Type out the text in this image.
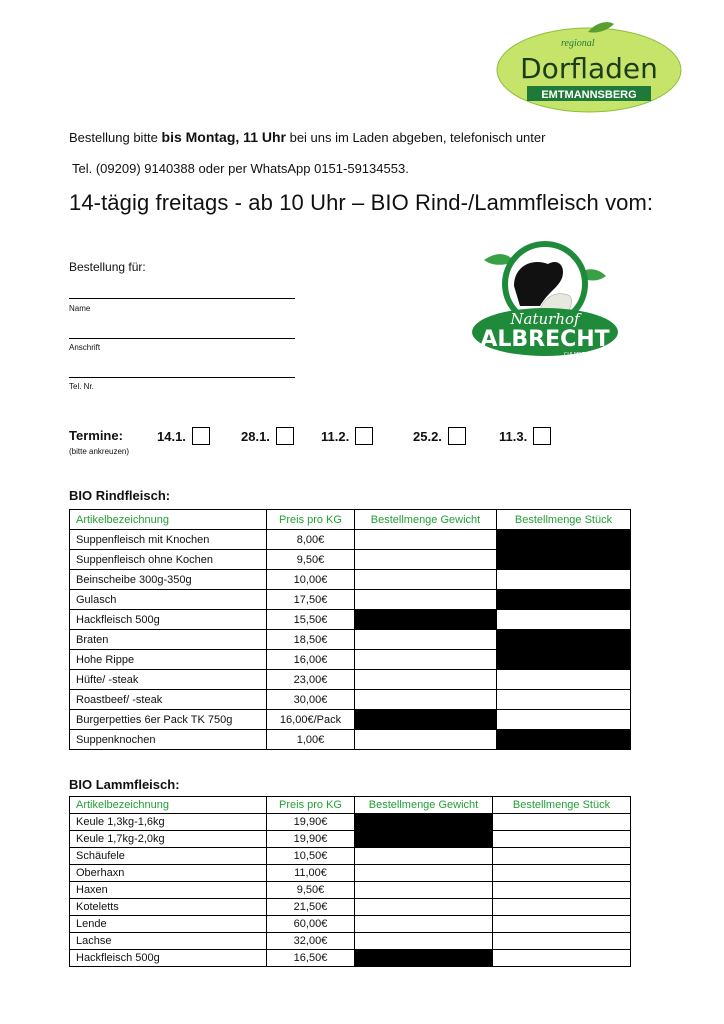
regional
Dorfladen
EMTMANNSBERG
Bestellung bitte bis Montag, 11 Uhr bei uns im Laden abgeben, telefonisch unter
Tel. (09209) 9140388 oder per WhatsApp 0151-59134553.
14-tägig freitags - ab 10 Uhr – BIO Rind-/Lammfleisch vom:
Bestellung für:
Name
Anschrift
Tel. Nr.
Naturhof
ALBRECHT
CULMBERG
Termine:
(bitte ankreuzen)
14.1.	28.1.	11.2.	25.2.	11.3.
BIO Rindfleisch:
Artikelbezeichnung	Preis pro KG	Bestellmenge Gewicht	Bestellmenge Stück
Suppenfleisch mit Knochen	8,00€		
Suppenfleisch ohne Kochen	9,50€		
Beinscheibe 300g-350g	10,00€		
Gulasch	17,50€		
Hackfleisch 500g	15,50€		
Braten	18,50€		
Hohe Rippe	16,00€		
Hüfte/ -steak	23,00€		
Roastbeef/ -steak	30,00€		
Burgerpetties 6er Pack TK 750g	16,00€/Pack		
Suppenknochen	1,00€		
BIO Lammfleisch:
Artikelbezeichnung	Preis pro KG	Bestellmenge Gewicht	Bestellmenge Stück
Keule 1,3kg-1,6kg	19,90€		
Keule 1,7kg-2,0kg	19,90€		
Schäufele	10,50€		
Oberhaxn	11,00€		
Haxen	9,50€		
Koteletts	21,50€		
Lende	60,00€		
Lachse	32,00€		
Hackfleisch 500g	16,50€		
